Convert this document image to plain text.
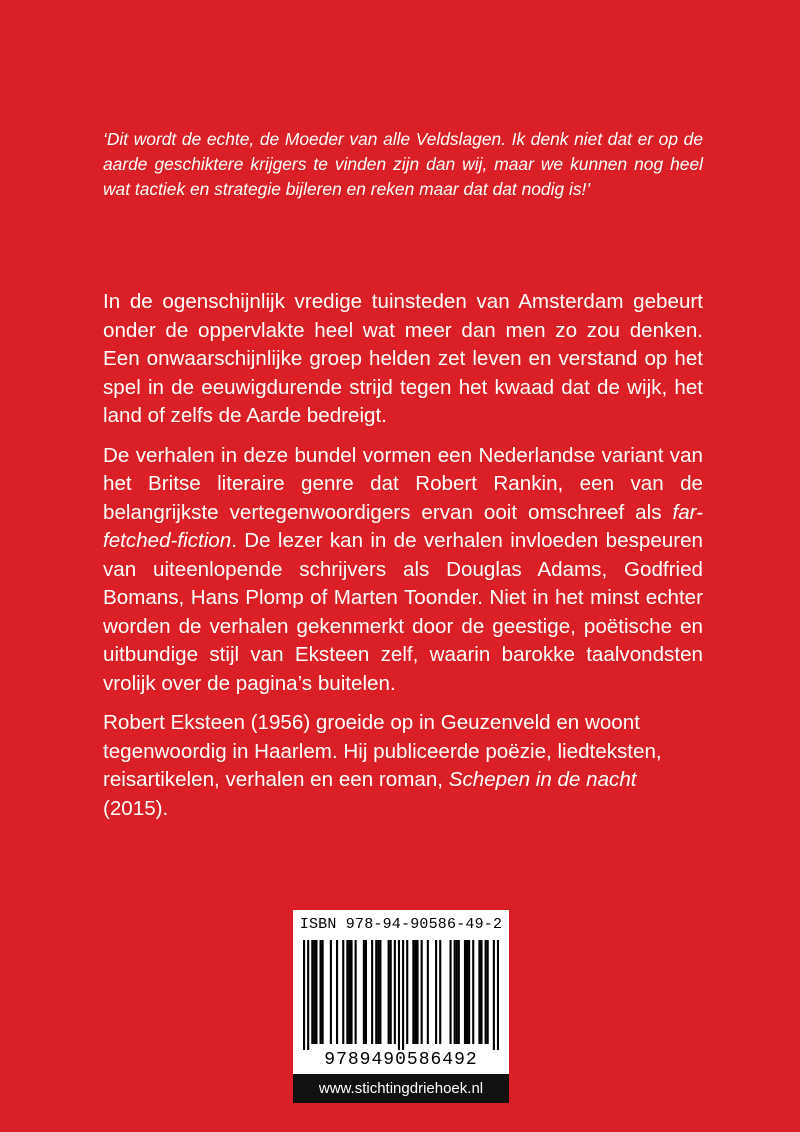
‘Dit wordt de echte, de Moeder van alle Veldslagen. Ik denk niet dat er op de aarde geschiktere krijgers te vinden zijn dan wij, maar we kunnen nog heel wat tactiek en strategie bijleren en reken maar dat dat nodig is!’

In de ogenschijnlijk vredige tuinsteden van Amsterdam gebeurt onder de oppervlakte heel wat meer dan men zo zou denken. Een onwaarschijnlijke groep helden zet leven en verstand op het spel in de eeuwigdurende strijd tegen het kwaad dat de wijk, het land of zelfs de Aarde bedreigt.

De verhalen in deze bundel vormen een Nederlandse variant van het Britse literaire genre dat Robert Rankin, een van de belangrijkste vertegenwoordigers ervan ooit omschreef als far-fetched-fiction. De lezer kan in de verhalen invloeden bespeuren van uiteenlopende schrijvers als Douglas Adams, Godfried Bomans, Hans Plomp of Marten Toonder. Niet in het minst echter worden de verhalen gekenmerkt door de geestige, poëtische en uitbundige stijl van Eksteen zelf, waarin barokke taalvondsten vrolijk over de pagina’s buitelen.

Robert Eksteen (1956) groeide op in Geuzenveld en woont tegenwoordig in Haarlem. Hij publiceerde poëzie, liedteksten, reisartikelen, verhalen en een roman, Schepen in de nacht (2015).

ISBN 978-94-90586-49-2
9789490586492
www.stichtingdriehoek.nl
